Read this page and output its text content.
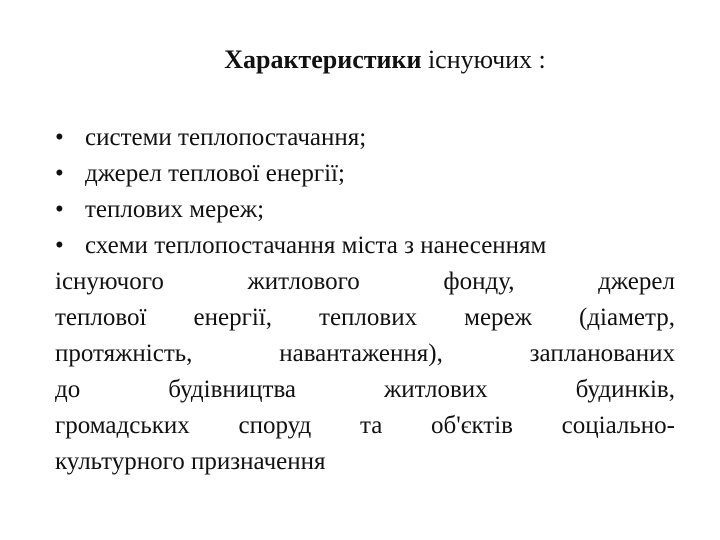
Характеристики існуючих :
• системи теплопостачання;
• джерел теплової енергії;
• теплових мереж;
• схеми теплопостачання міста з нанесенням
існуючого	житлового	фонду,	джерел
теплової енергії, теплових мереж (діаметр,
протяжність,	навантаження),	запланованих
до	будівництва	житлових	будинків,
громадських споруд та об'єктів соціально-
культурного призначення
